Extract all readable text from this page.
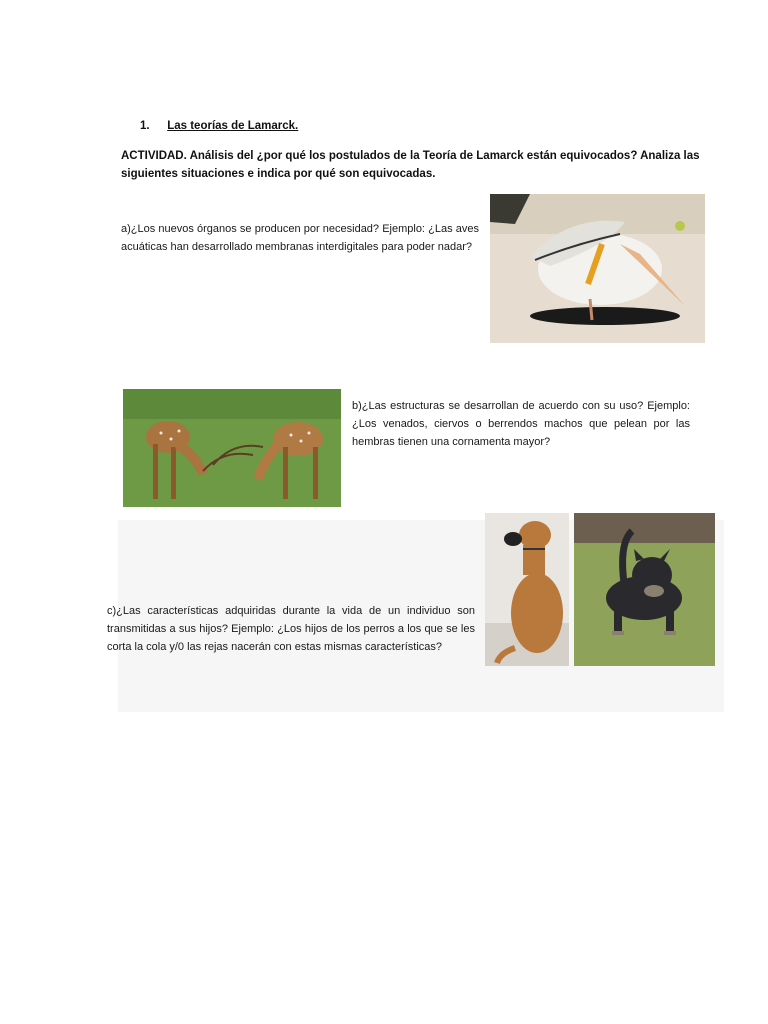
1. Las teorías de Lamarck.
ACTIVIDAD. Análisis del ¿por qué los postulados de la Teoría de Lamarck están equivocados? Analiza las siguientes situaciones e indica por qué son equivocadas.
a)¿Los nuevos órganos se producen por necesidad? Ejemplo: ¿Las aves acuáticas han desarrollado membranas interdigitales para poder nadar?
b)¿Las estructuras se desarrollan de acuerdo con su uso? Ejemplo: ¿Los venados, ciervos o berrendos machos que pelean por las hembras tienen una cornamenta mayor?
c)¿Las características adquiridas durante la vida de un individuo son transmitidas a sus hijos? Ejemplo: ¿Los hijos de los perros a los que se les corta la cola y/0 las rejas nacerán con estas mismas características?
